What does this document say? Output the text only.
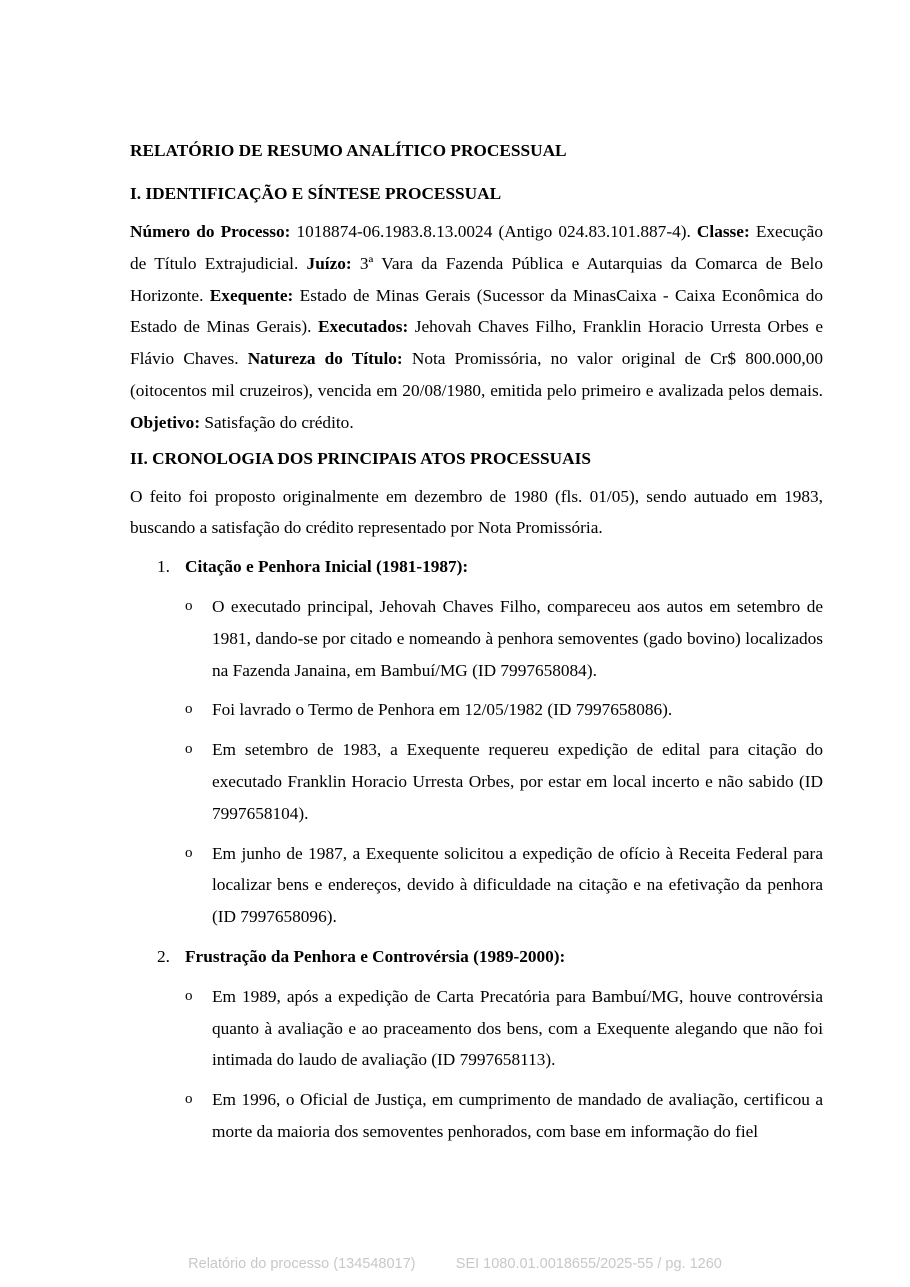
RELATÓRIO DE RESUMO ANALÍTICO PROCESSUAL
I. IDENTIFICAÇÃO E SÍNTESE PROCESSUAL

Número do Processo: 1018874-06.1983.8.13.0024 (Antigo 024.83.101.887-4). Classe: Execução de Título Extrajudicial. Juízo: 3ª Vara da Fazenda Pública e Autarquias da Comarca de Belo Horizonte. Exequente: Estado de Minas Gerais (Sucessor da MinasCaixa - Caixa Econômica do Estado de Minas Gerais). Executados: Jehovah Chaves Filho, Franklin Horacio Urresta Orbes e Flávio Chaves. Natureza do Título: Nota Promissória, no valor original de Cr$ 800.000,00 (oitocentos mil cruzeiros), vencida em 20/08/1980, emitida pelo primeiro e avalizada pelos demais. Objetivo: Satisfação do crédito.

II. CRONOLOGIA DOS PRINCIPAIS ATOS PROCESSUAIS

O feito foi proposto originalmente em dezembro de 1980 (fls. 01/05), sendo autuado em 1983, buscando a satisfação do crédito representado por Nota Promissória.

1. Citação e Penhora Inicial (1981-1987):
o O executado principal, Jehovah Chaves Filho, compareceu aos autos em setembro de 1981, dando-se por citado e nomeando à penhora semoventes (gado bovino) localizados na Fazenda Janaina, em Bambuí/MG (ID 7997658084).
o Foi lavrado o Termo de Penhora em 12/05/1982 (ID 7997658086).
o Em setembro de 1983, a Exequente requereu expedição de edital para citação do executado Franklin Horacio Urresta Orbes, por estar em local incerto e não sabido (ID 7997658104).
o Em junho de 1987, a Exequente solicitou a expedição de ofício à Receita Federal para localizar bens e endereços, devido à dificuldade na citação e na efetivação da penhora (ID 7997658096).
2. Frustração da Penhora e Controvérsia (1989-2000):
o Em 1989, após a expedição de Carta Precatória para Bambuí/MG, houve controvérsia quanto à avaliação e ao praceamento dos bens, com a Exequente alegando que não foi intimada do laudo de avaliação (ID 7997658113).
o Em 1996, o Oficial de Justiça, em cumprimento de mandado de avaliação, certificou a morte da maioria dos semoventes penhorados, com base em informação do fiel
Relatório do processo (134548017)	SEI 1080.01.0018655/2025-55 / pg. 1260
